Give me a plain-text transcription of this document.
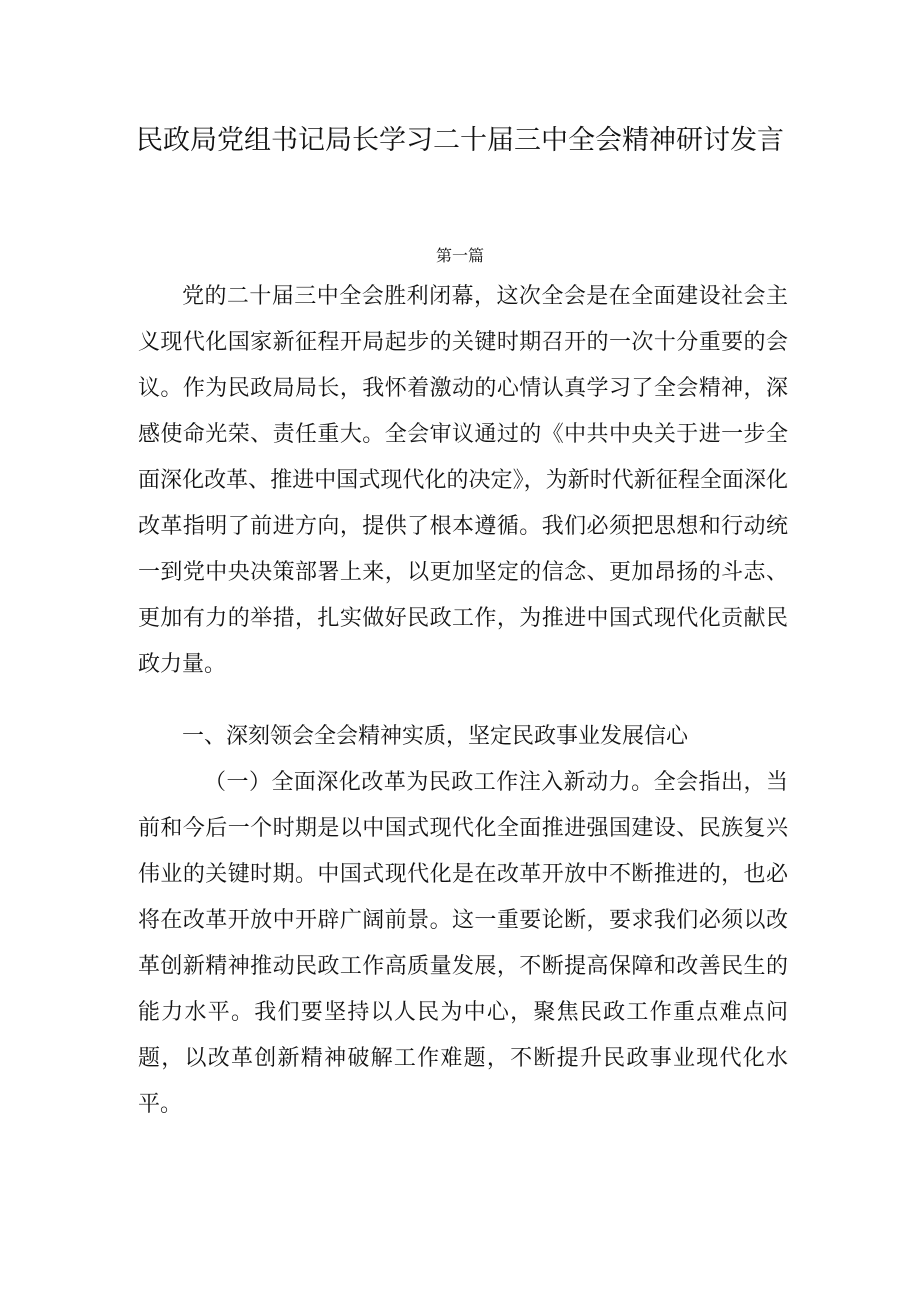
民政局党组书记局长学习二十届三中全会精神研讨发言
第一篇

党的二十届三中全会胜利闭幕，这次全会是在全面建设社会主义现代化国家新征程开局起步的关键时期召开的一次十分重要的会议。作为民政局局长，我怀着激动的心情认真学习了全会精神，深感使命光荣、责任重大。全会审议通过的《中共中央关于进一步全面深化改革、推进中国式现代化的决定》，为新时代新征程全面深化改革指明了前进方向，提供了根本遵循。我们必须把思想和行动统一到党中央决策部署上来，以更加坚定的信念、更加昂扬的斗志、更加有力的举措，扎实做好民政工作，为推进中国式现代化贡献民政力量。

一、深刻领会全会精神实质，坚定民政事业发展信心

（一）全面深化改革为民政工作注入新动力。全会指出，当前和今后一个时期是以中国式现代化全面推进强国建设、民族复兴伟业的关键时期。中国式现代化是在改革开放中不断推进的，也必将在改革开放中开辟广阔前景。这一重要论断，要求我们必须以改革创新精神推动民政工作高质量发展，不断提高保障和改善民生的能力水平。我们要坚持以人民为中心，聚焦民政工作重点难点问题，以改革创新精神破解工作难题，不断提升民政事业现代化水平。
